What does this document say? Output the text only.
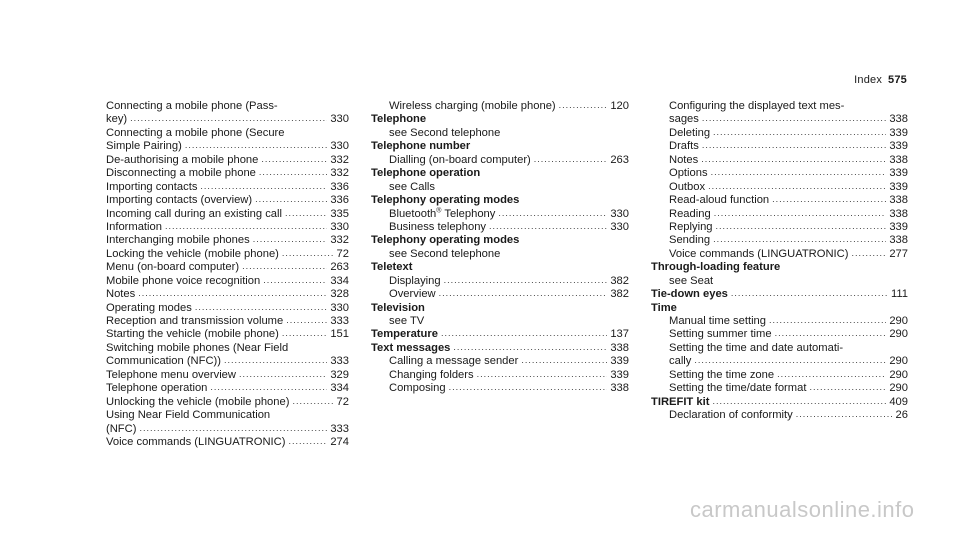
Index 575
Connecting a mobile phone (Pass-
key) .....	330
Connecting a mobile phone (Secure
Simple Pairing) .....	330
De-authorising a mobile phone .....	332
Disconnecting a mobile phone .....	332
Importing contacts .....	336
Importing contacts (overview) .....	336
Incoming call during an existing call .....	335
Information .....	330
Interchanging mobile phones .....	332
Locking the vehicle (mobile phone) .....	72
Menu (on-board computer) .....	263
Mobile phone voice recognition .....	334
Notes .....	328
Operating modes .....	330
Reception and transmission volume .....	333
Starting the vehicle (mobile phone) .....	151
Switching mobile phones (Near Field
Communication (NFC)) .....	333
Telephone menu overview .....	329
Telephone operation .....	334
Unlocking the vehicle (mobile phone) .....	72
Using Near Field Communication
(NFC) .....	333
Voice commands (LINGUATRONIC) .....	274
Wireless charging (mobile phone) .....	120
Telephone
see Second telephone
Telephone number
Dialling (on-board computer) .....	263
Telephone operation
see Calls
Telephony operating modes
Bluetooth® Telephony .....	330
Business telephony .....	330
Telephony operating modes
see Second telephone
Teletext
Displaying .....	382
Overview .....	382
Television
see TV
Temperature .....	137
Text messages .....	338
Calling a message sender .....	339
Changing folders .....	339
Composing .....	338
Configuring the displayed text mes-
sages .....	338
Deleting .....	339
Drafts .....	339
Notes .....	338
Options .....	339
Outbox .....	339
Read-aloud function .....	338
Reading .....	338
Replying .....	339
Sending .....	338
Voice commands (LINGUATRONIC) .....	277
Through-loading feature
see Seat
Tie-down eyes .....	111
Time
Manual time setting .....	290
Setting summer time .....	290
Setting the time and date automati-
cally .....	290
Setting the time zone .....	290
Setting the time/date format .....	290
TIREFIT kit .....	409
Declaration of conformity .....	26
carmanualsonline.info
